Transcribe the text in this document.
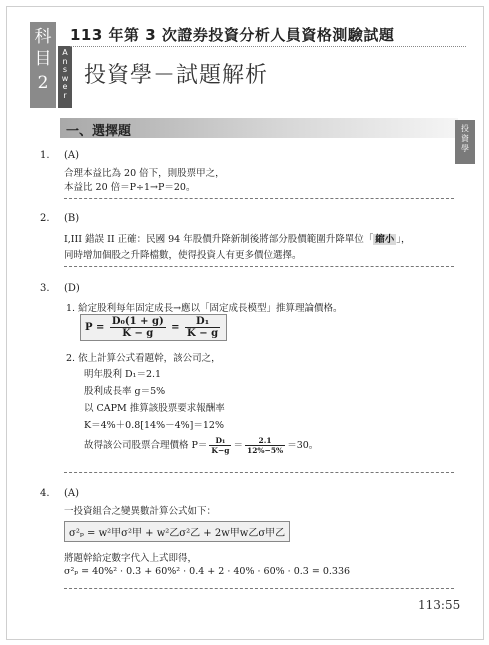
科
目

2
A
n
s
w
e
r
113 年第 3 次證券投資分析人員資格測驗試題
投資學－試題解析
一、選擇題	投資學
1. (A)
合理本益比為 20 倍下，則股票甲之，
本益比 20 倍＝P÷1→P＝20。
2. (B)
I,III 錯誤 II 正確：民國 94 年股價升降新制後將部分股價範圍升降單位「 縮小 」，
同時增加個股之升降檔數，使得投資人有更多價位選擇。
3. (D)
1. 給定股利每年固定成長→應以「固定成長模型」推算理論價格。
$P = \frac{\text{D₀(1 + g)}}{K - g} = \frac{\text{D₁}}{K - g}$
2. 依上計算公式看題幹，該公司之，
明年股利 D₁＝2.1
股利成長率 g＝5%
以 CAPM 推算該股票要求報酬率
K＝4%＋0.8[14%－4%]＝12%
故得該公司股票合理價格 $P= \frac{\text{D₁}}{K-g} = \frac{2.1}{12\%-5\%} =30$。
4. (A)
一投資組合之變異數計算公式如下：
σ²ₚ = w²甲σ²甲 + w²乙σ²乙 + 2w甲w乙σ甲乙
將題幹給定數字代入上式即得，
σ²ₚ = 40%² · 0.3 + 60%² · 0.4 + 2 · 40% · 60% · 0.3 = 0.336
113:55
